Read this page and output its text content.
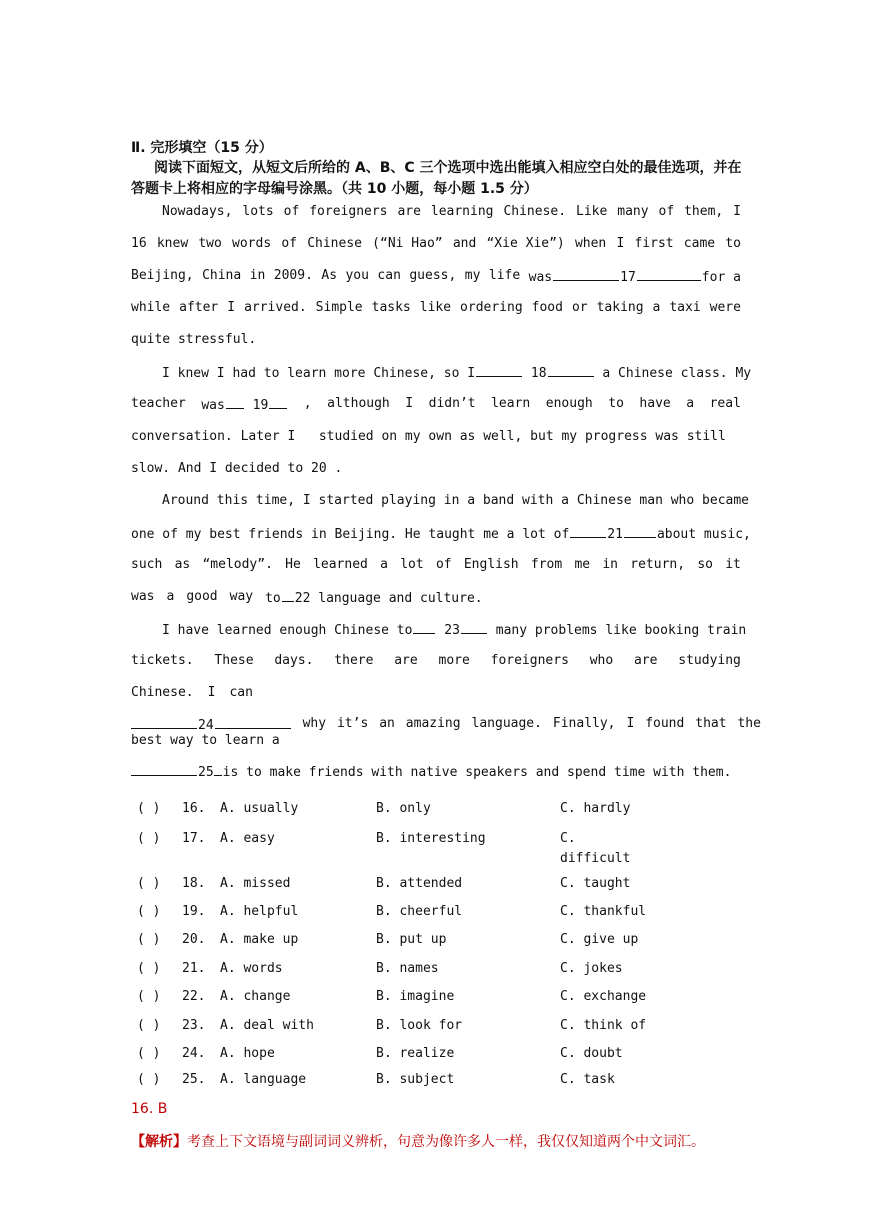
Ⅱ. 完形填空（15 分）
阅读下面短文，从短文后所给的 A、B、C 三个选项中选出能填入相应空白处的最佳选项，并在答题卡上将相应的字母编号涂黑。（共 10 小题，每小题 1.5 分）
Nowadays, lots of foreigners are learning Chinese. Like many of them, I
16 knew two words of Chinese (“Ni Hao” and “Xie Xie”) when I first came to
Beijing, China in 2009. As you can guess, my life was	17	for a
while after I arrived. Simple tasks like ordering food or taking a taxi were
quite stressful.
I knew I had to learn more Chinese, so I	18	a Chinese class. My
teacher was 19	, although I didn’t learn enough to have a real
conversation. Later I   studied on my own as well, but my progress was still
slow. And I decided to 20 .
Around this time, I started playing in a band with a Chinese man who became
one of my best friends in Beijing. He taught me a lot of	21	about music,
such as “melody”. He learned a lot of English from me in return, so it
was a good way to 22 language and culture.
I have learned enough Chinese to 23	many problems like booking train
tickets. These days. there are more foreigners who are studying
Chinese. I can
24	why it’s an amazing language. Finally, I found that the
best way to learn a
25 is to make friends with native speakers and spend time with them.
( ) 16. A. usually	B. only	C. hardly
( ) 17. A. easy	B. interesting	C.
difficult
( ) 18. A. missed	B. attended	C. taught
( ) 19. A. helpful	B. cheerful	C. thankful
( ) 20. A. make up	B. put up	C. give up
( ) 21. A. words	B. names	C. jokes
( ) 22. A. change	B. imagine	C. exchange
( ) 23. A. deal with	B. look for	C. think of
( ) 24. A. hope	B. realize	C. doubt
( ) 25. A. language	B. subject	C. task
16. B
【解析】考查上下文语境与副词词义辨析，句意为像许多人一样，我仅仅知道两个中文词汇。
